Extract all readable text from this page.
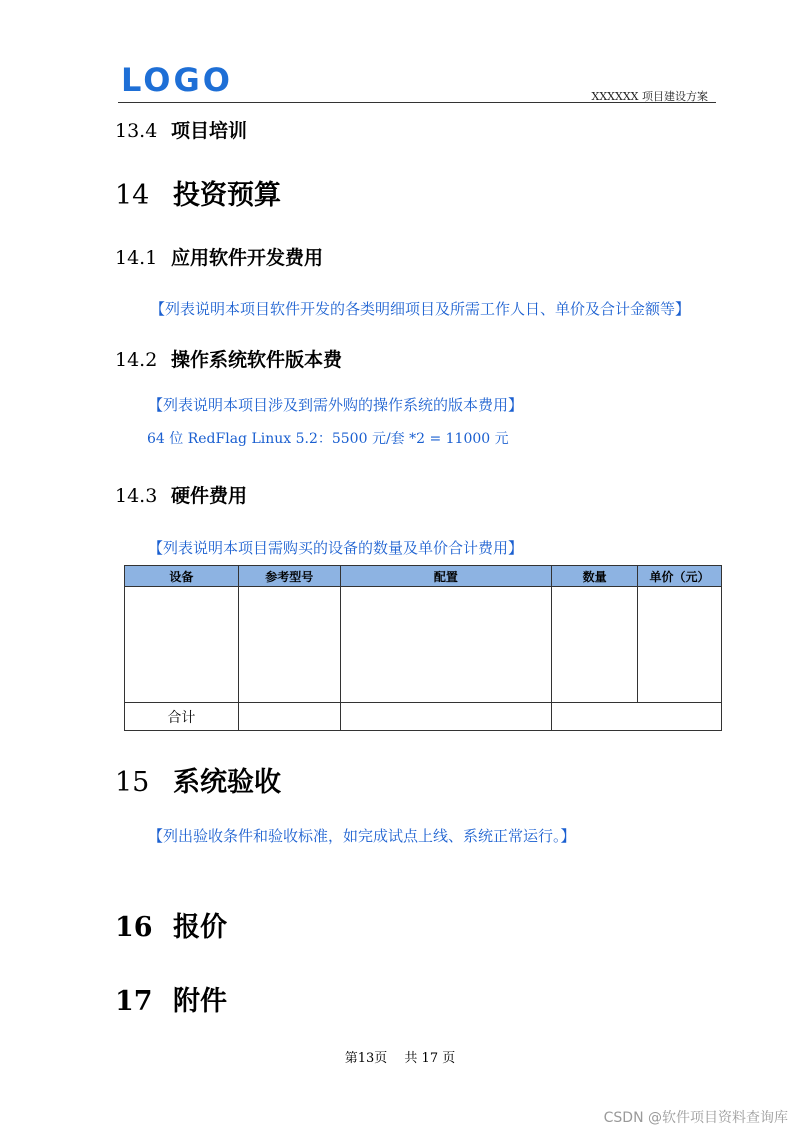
LOGO	XXXXXX 项目建设方案
13.4 项目培训
14 投资预算
14.1 应用软件开发费用
【列表说明本项目软件开发的各类明细项目及所需工作人日、单价及合计金额等】
14.2 操作系统软件版本费
【列表说明本项目涉及到需外购的操作系统的版本费用】
64 位 RedFlag Linux 5.2：5500 元/套 *2 = 11000 元
14.3 硬件费用
【列表说明本项目需购买的设备的数量及单价合计费用】
设备	参考型号	配置	数量	单价（元）

合计				
15 系统验收
【列出验收条件和验收标准，如完成试点上线、系统正常运行。】
16 报价
17 附件
第13页　 共 17 页
CSDN @软件项目资料查询库
